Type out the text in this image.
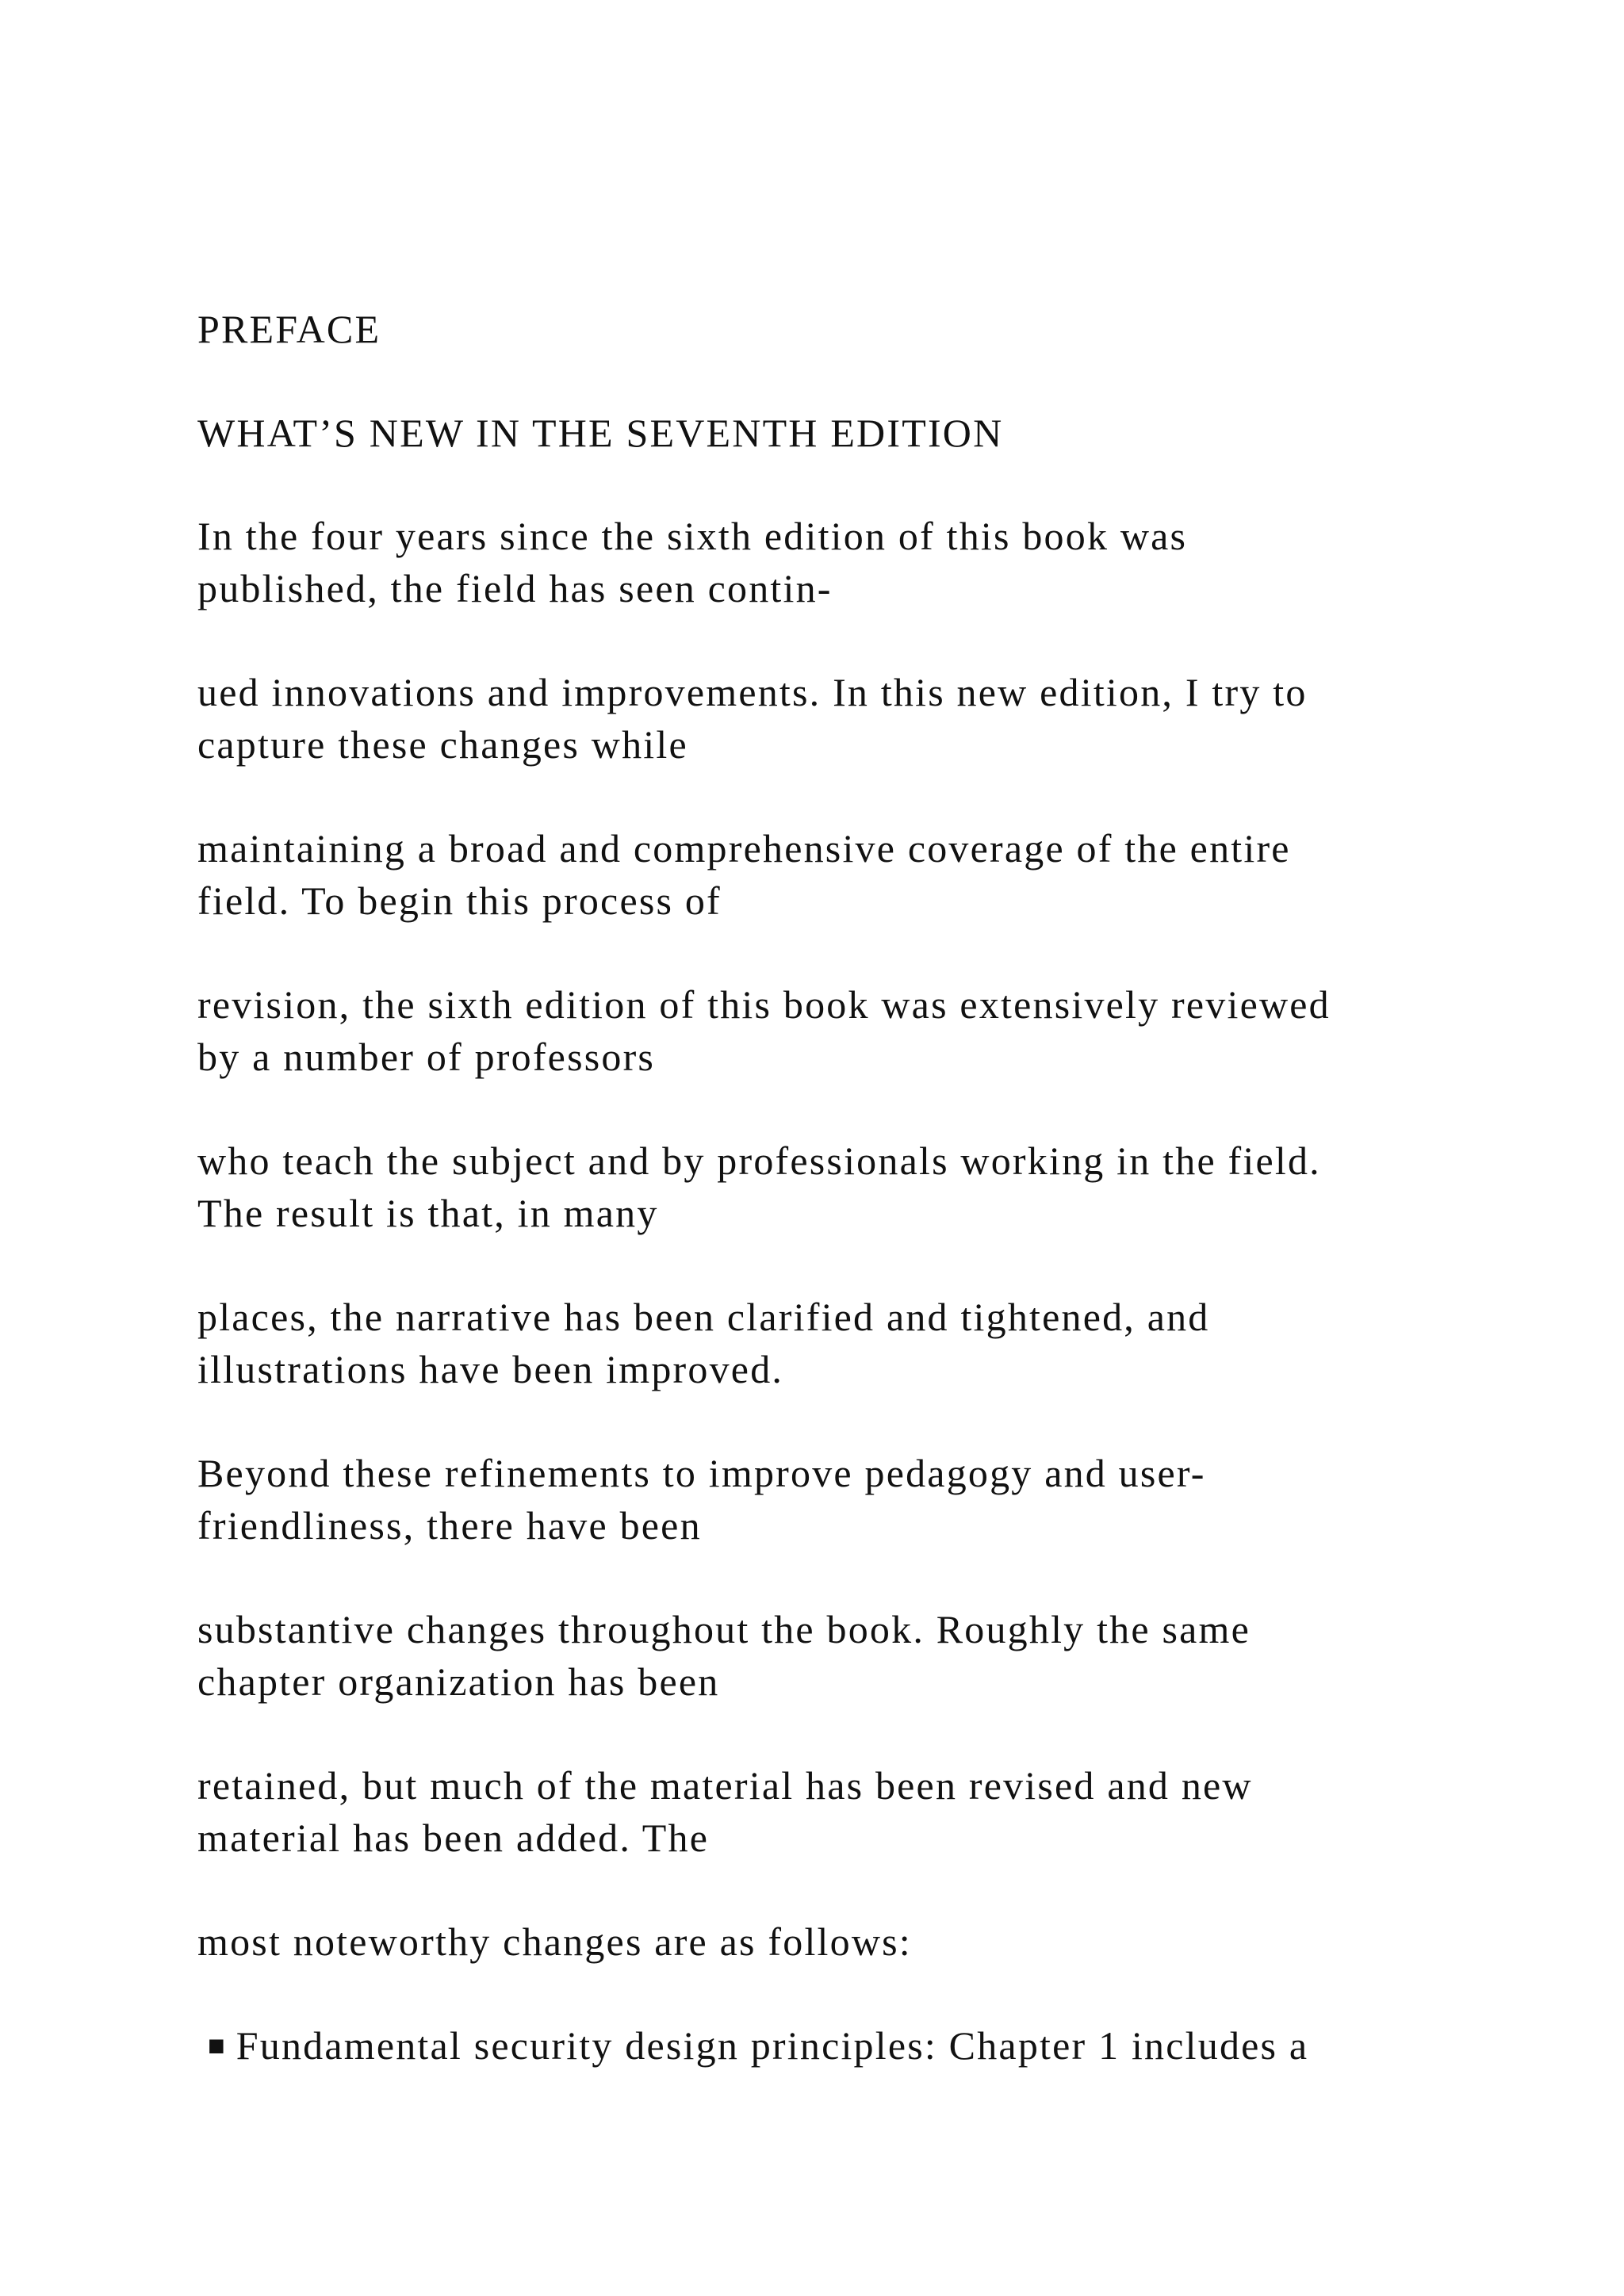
PREFACE

WHAT’S NEW IN THE SEVENTH EDITION

In the four years since the sixth edition of this book was
published, the field has seen contin-

ued innovations and improvements. In this new edition, I try to
capture these changes while

maintaining a broad and comprehensive coverage of the entire
field. To begin this process of

revision, the sixth edition of this book was extensively reviewed
by a number of professors

who teach the subject and by professionals working in the field.
The result is that, in many

places, the narrative has been clarified and tightened, and
illustrations have been improved.

Beyond these refinements to improve pedagogy and user-
friendliness, there have been

substantive changes throughout the book. Roughly the same
chapter organization has been

retained, but much of the material has been revised and new
material has been added. The

most noteworthy changes are as follows:

■ Fundamental security design principles: Chapter 1 includes a
